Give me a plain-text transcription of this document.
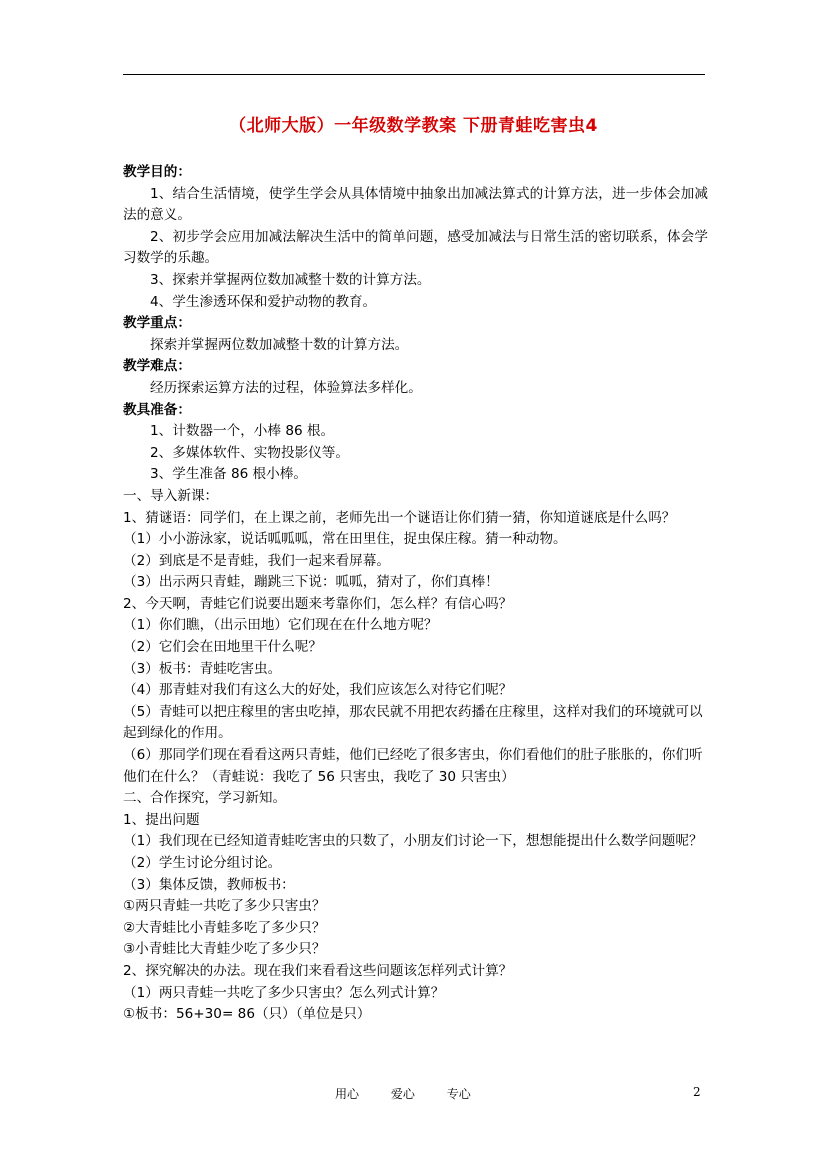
（北师大版）一年级数学教案 下册青蛙吃害虫4
教学目的：
1、结合生活情境，使学生学会从具体情境中抽象出加减法算式的计算方法，进一步体会加减法的意义。
2、初步学会应用加减法解决生活中的简单问题，感受加减法与日常生活的密切联系，体会学习数学的乐趣。
3、探索并掌握两位数加减整十数的计算方法。
4、学生渗透环保和爱护动物的教育。
教学重点：
探索并掌握两位数加减整十数的计算方法。
教学难点：
经历探索运算方法的过程，体验算法多样化。
教具准备：
1、计数器一个，小棒 86 根。
2、多媒体软件、实物投影仪等。
3、学生准备 86 根小棒。
一、导入新课：
1、猜谜语：同学们，在上课之前，老师先出一个谜语让你们猜一猜，你知道谜底是什么吗？
（1）小小游泳家，说话呱呱呱，常在田里住，捉虫保庄稼。猜一种动物。
（2）到底是不是青蛙，我们一起来看屏幕。
（3）出示两只青蛙，蹦跳三下说：呱呱，猜对了，你们真棒！
2、今天啊，青蛙它们说要出题来考靠你们，怎么样？有信心吗？
（1）你们瞧，（出示田地）它们现在在什么地方呢？
（2）它们会在田地里干什么呢？
（3）板书：青蛙吃害虫。
（4）那青蛙对我们有这么大的好处，我们应该怎么对待它们呢？
（5）青蛙可以把庄稼里的害虫吃掉，那农民就不用把农药播在庄稼里，这样对我们的环境就可以起到绿化的作用。
（6）那同学们现在看看这两只青蛙，他们已经吃了很多害虫，你们看他们的肚子胀胀的，你们听他们在什么？（青蛙说：我吃了 56 只害虫，我吃了 30 只害虫）
二、合作探究，学习新知。
1、提出问题
（1）我们现在已经知道青蛙吃害虫的只数了，小朋友们讨论一下，想想能提出什么数学问题呢？
（2）学生讨论分组讨论。
（3）集体反馈，教师板书：
①两只青蛙一共吃了多少只害虫？
②大青蛙比小青蛙多吃了多少只？
③小青蛙比大青蛙少吃了多少只？
2、探究解决的办法。现在我们来看看这些问题该怎样列式计算？
（1）两只青蛙一共吃了多少只害虫？怎么列式计算？
①板书：56+30= 86（只）（单位是只）
用心	爱心	专心	2
